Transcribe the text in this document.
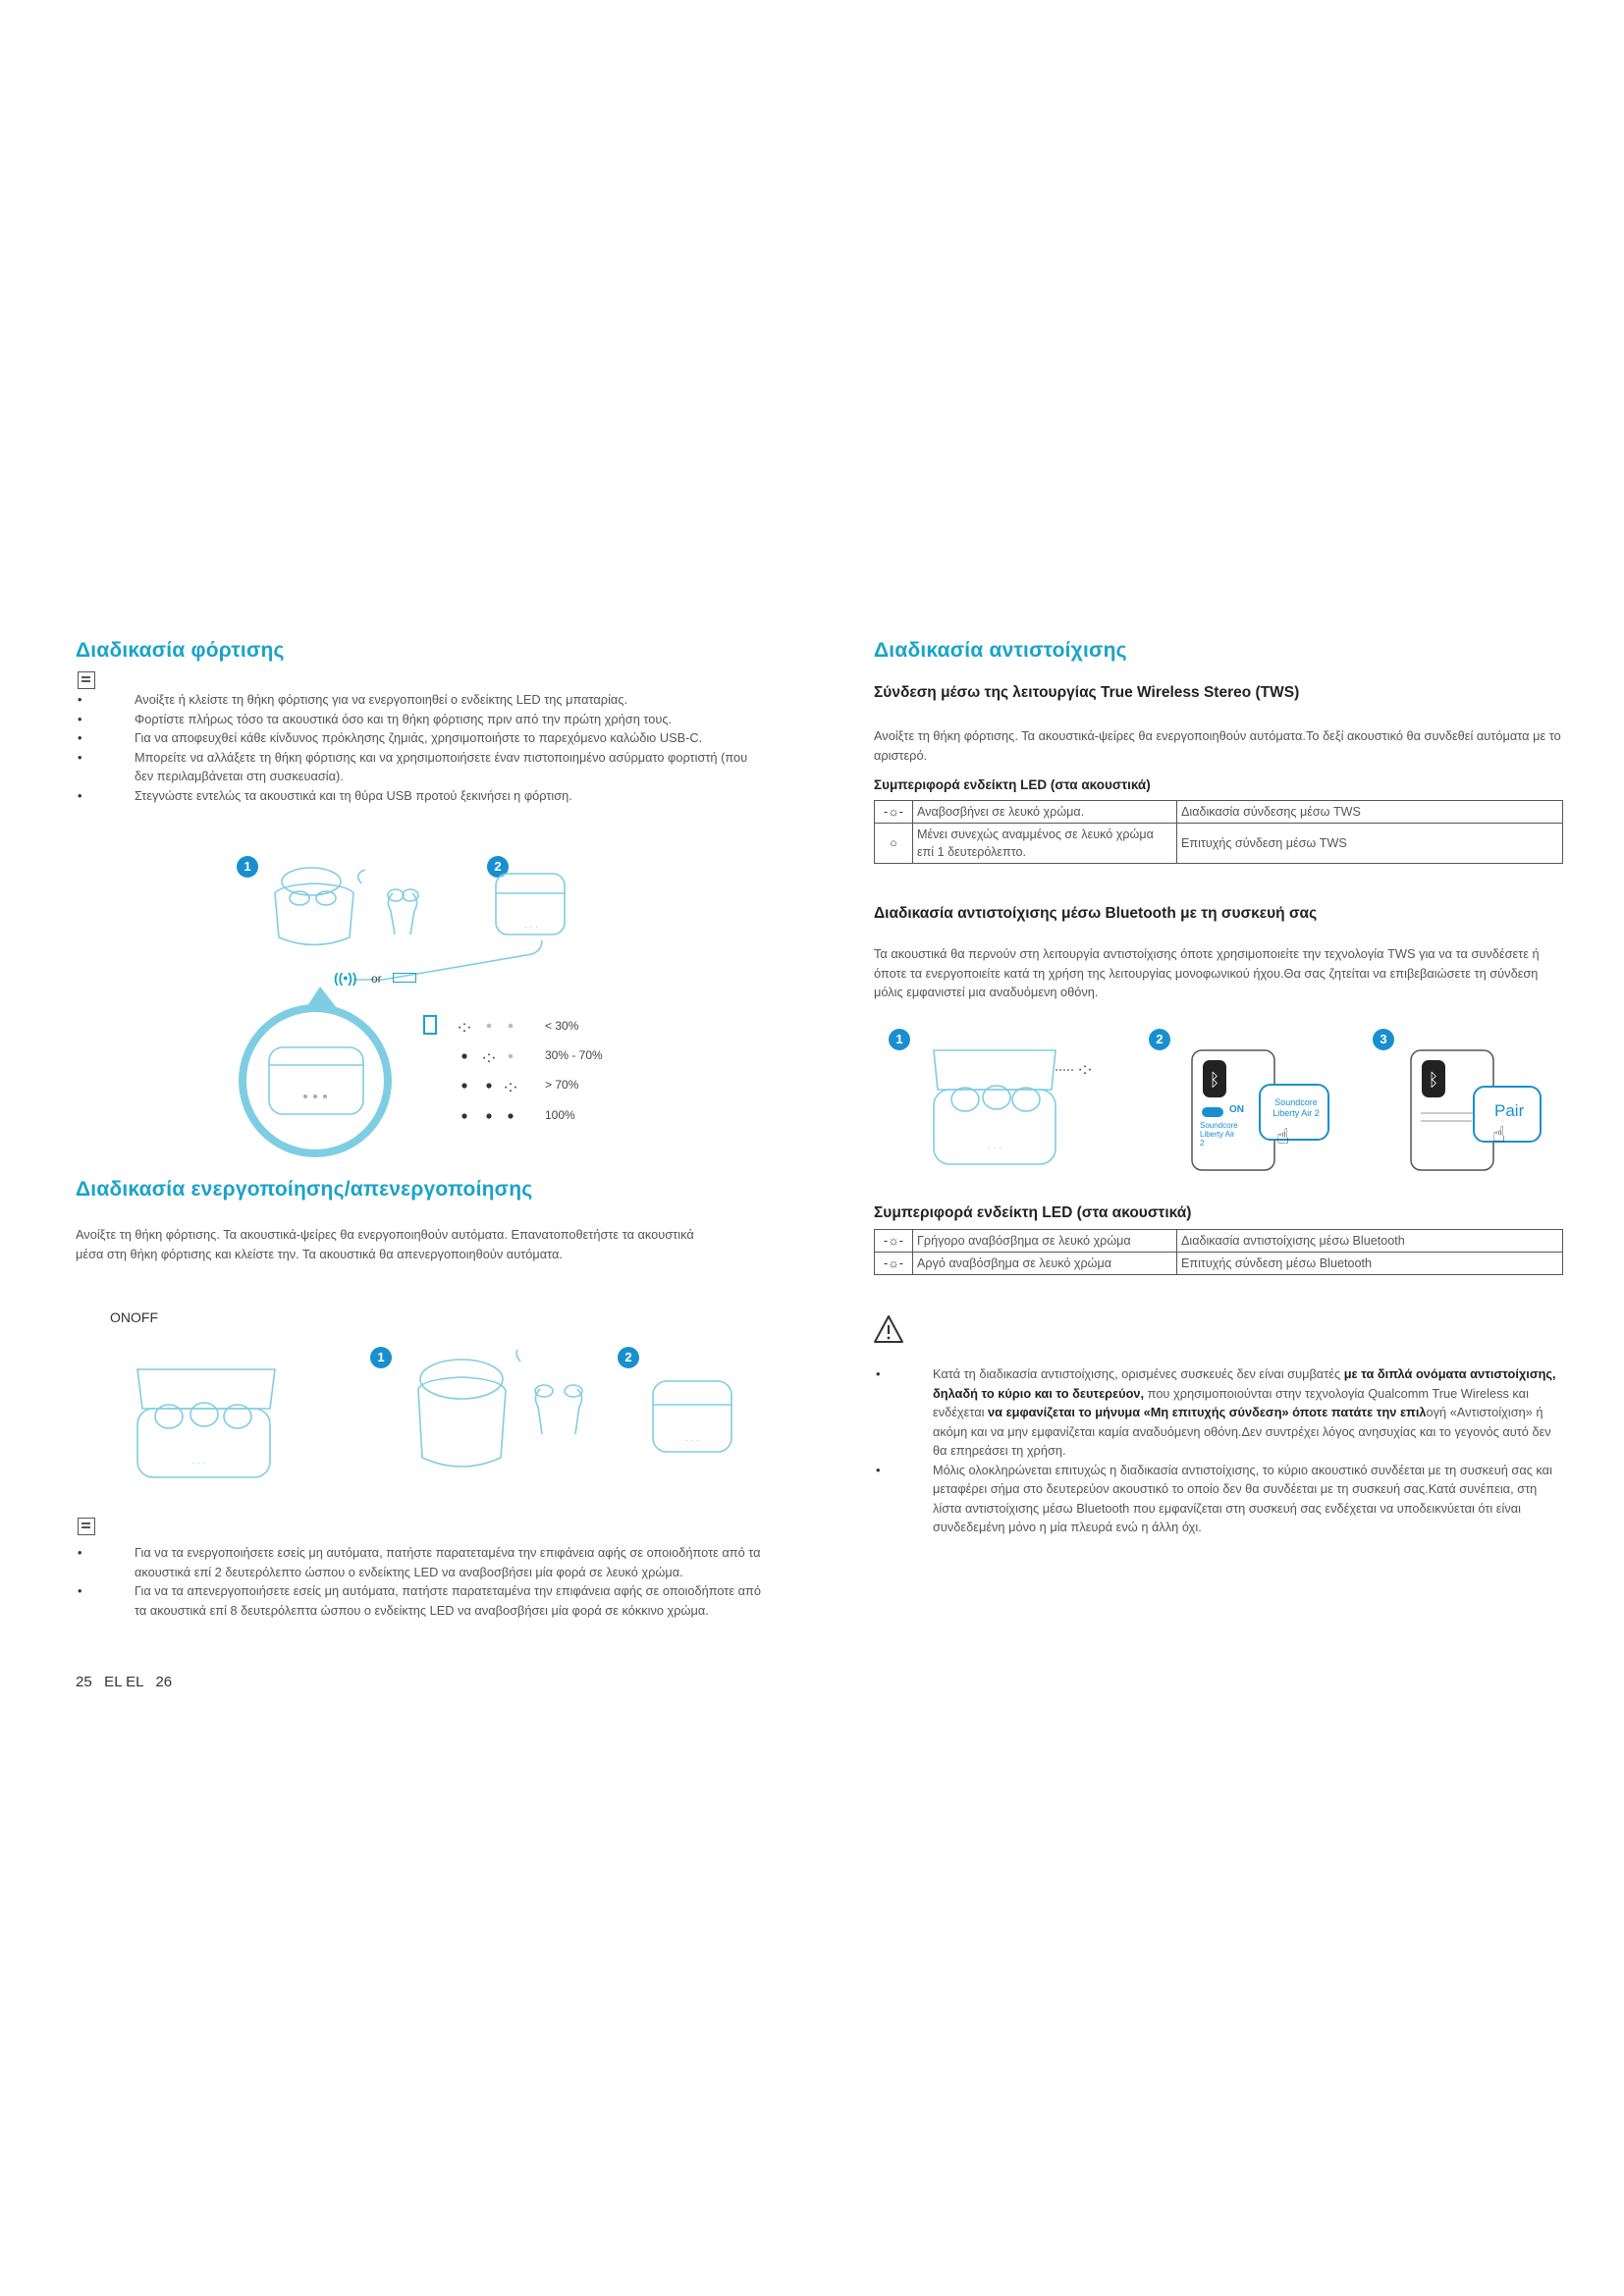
Διαδικασία φόρτισης
• Ανοίξτε ή κλείστε τη θήκη φόρτισης για να ενεργοποιηθεί ο ενδείκτης LED της μπαταρίας.
• Φορτίστε πλήρως τόσο τα ακουστικά όσο και τη θήκη φόρτισης πριν από την πρώτη χρήση τους.
• Για να αποφευχθεί κάθε κίνδυνος πρόκλησης ζημιάς, χρησιμοποιήστε το παρεχόμενο καλώδιο USB-C.
• Μπορείτε να αλλάξετε τη θήκη φόρτισης και να χρησιμοποιήσετε έναν πιστοποιημένο ασύρματο φορτιστή (που δεν περιλαμβάνεται στη συσκευασία).
• Στεγνώστε εντελώς τα ακουστικά και τη θύρα USB προτού ξεκινήσει η φόρτιση.
1	2
· · ·
((•)) or
·:·
·:·
·:·
< 30%
30% - 70%
> 70%
100%
Διαδικασία ενεργοποίησης/απενεργοποίησης
Ανοίξτε τη θήκη φόρτισης. Τα ακουστικά-ψείρες θα ενεργοποιηθούν αυτόματα. Επανατοποθετήστε τα ακουστικά μέσα στη θήκη φόρτισης και κλείστε την. Τα ακουστικά θα απενεργοποιηθούν αυτόματα.
ONOFF
1	2
· · ·
· · ·
• Για να τα ενεργοποιήσετε εσείς μη αυτόματα, πατήστε παρατεταμένα την επιφάνεια αφής σε οποιοδήποτε από τα ακουστικά επί 2 δευτερόλεπτο ώσπου ο ενδείκτης LED να αναβοσβήσει μία φορά σε λευκό χρώμα.
• Για να τα απενεργοποιήσετε εσείς μη αυτόματα, πατήστε παρατεταμένα την επιφάνεια αφής σε οποιοδήποτε από τα ακουστικά επί 8 δευτερόλεπτα ώσπου ο ενδείκτης LED να αναβοσβήσει μία φορά σε κόκκινο χρώμα.
25   EL EL   26
Διαδικασία αντιστοίχισης
Σύνδεση μέσω της λειτουργίας True Wireless Stereo (TWS)
Ανοίξτε τη θήκη φόρτισης. Τα ακουστικά-ψείρες θα ενεργοποιηθούν αυτόματα.Το δεξί ακουστικό θα συνδεθεί αυτόματα με το αριστερό.
Συμπεριφορά ενδείκτη LED (στα ακουστικά)
-☼-	Αναβοσβήνει σε λευκό χρώμα.	Διαδικασία σύνδεσης μέσω TWS
○	Μένει συνεχώς αναμμένος σε λευκό χρώμα επί 1 δευτερόλεπτο.	Επιτυχής σύνδεση μέσω TWS
Διαδικασία αντιστοίχισης μέσω Bluetooth με τη συσκευή σας
Τα ακουστικά θα περνούν στη λειτουργία αντιστοίχισης όποτε χρησιμοποιείτε την τεχνολογία TWS για να τα συνδέσετε ή όποτε τα ενεργοποιείτε κατά τη χρήση της λειτουργίας μονοφωνικού ήχου.Θα σας ζητείται να επιβεβαιώσετε τη σύνδεση μόλις εμφανιστεί μια αναδυόμενη οθόνη.
1	2	3
·:·
· · ·
ᛒ
ON
Soundcore Liberty Air 2
Soundcore Liberty Air 2
☝
ᛒ
Pair
☝
Συμπεριφορά ενδείκτη LED (στα ακουστικά)
-☼-	Γρήγορο αναβόσβημα σε λευκό χρώμα	Διαδικασία αντιστοίχισης μέσω Bluetooth
-☼-	Αργό αναβόσβημα σε λευκό χρώμα	Επιτυχής σύνδεση μέσω Bluetooth
• Κατά τη διαδικασία αντιστοίχισης, ορισμένες συσκευές δεν είναι συμβατές με τα διπλά ονόματα αντιστοίχισης, δηλαδή το κύριο και το δευτερεύον, που χρησιμοποιούνται στην τεχνολογία Qualcomm True Wireless και ενδέχεται να εμφανίζεται το μήνυμα «Μη επιτυχής σύνδεση» όποτε πατάτε την επιλογή «Αντιστοίχιση» ή ακόμη και να μην εμφανίζεται καμία αναδυόμενη οθόνη.Δεν συντρέχει λόγος ανησυχίας και το γεγονός αυτό δεν θα επηρεάσει τη χρήση.
• Μόλις ολοκληρώνεται επιτυχώς η διαδικασία αντιστοίχισης, το κύριο ακουστικό συνδέεται με τη συσκευή σας και μεταφέρει σήμα στο δευτερεύον ακουστικό το οποίο δεν θα συνδέεται με τη συσκευή σας.Κατά συνέπεια, στη λίστα αντιστοίχισης μέσω Bluetooth που εμφανίζεται στη συσκευή σας ενδέχεται να υποδεικνύεται ότι είναι συνδεδεμένη μόνο η μία πλευρά ενώ η άλλη όχι.
